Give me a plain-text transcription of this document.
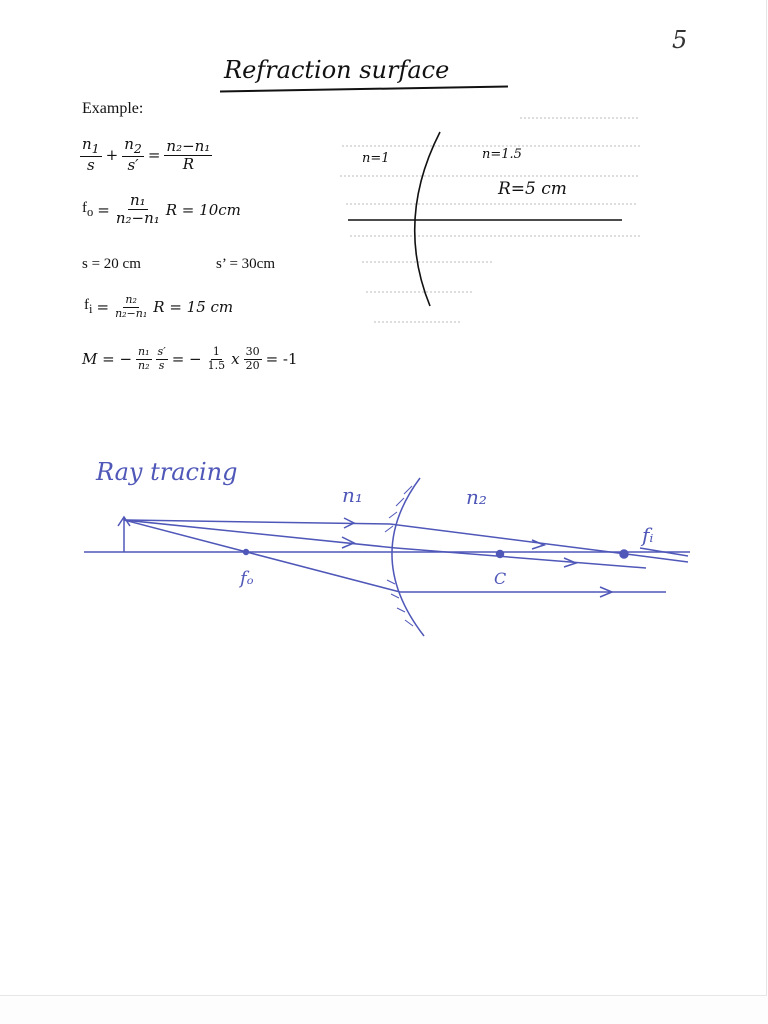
5
Refraction surface
Example:
$\frac{n_1}{s} + \frac{n_2}{s'} = \frac{\text{n₂−n₁}}{R}$
$f_o = \frac{\text{n₁}}{\text{n₂−n₁}}$ R = 10cm
s = 20 cm	s’ = 30cm
$f_i = \frac{\text{n₂}}{\text{n₂−n₁}}$ R = 15 cm
M = − $\frac{\text{n₁}}{\text{n₂}} \frac{s'}{s}$ = − $\frac{1}{1.5}$ x $\frac{30}{20} = -1$
n=1	n=1.5
R=5 cm
Ray tracing
n₁	n₂
fₒ	C
fᵢ
